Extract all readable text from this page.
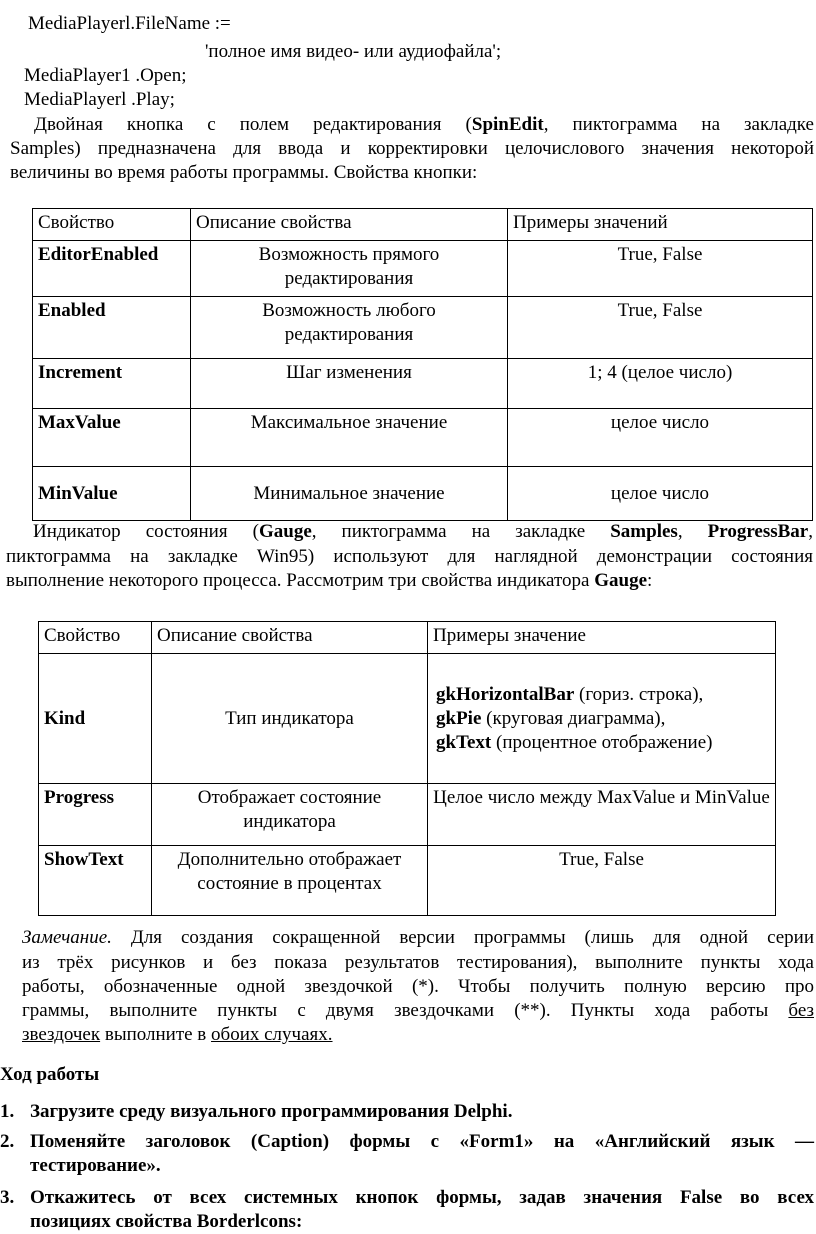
MediaPlayerl.FileName :=
'полное имя видео- или аудиофайла';
MediaPlayer1 .Open;
MediaPlayerl .Play;
Двойная кнопка с полем редактирования (SpinEdit, пиктограмма на закладке
Samples) предназначена для ввода и корректировки целочислового значения некоторой
величины во время работы программы. Свойства кнопки:
Свойство	Описание свойства	Примеры значений
EditorEnabled	Возможность прямого редактирования	True, False
Enabled	Возможность любого редактирования	True, False
Increment	Шаг изменения	1; 4 (целое число)
MaxValue	Максимальное значение	целое число
MinValue	Минимальное значение	целое число
Индикатор состояния (Gauge, пиктограмма на закладке Samples, ProgressBar,
пиктограмма на закладке Win95) используют для наглядной демонстрации состояния
выполнение некоторого процесса. Рассмотрим три свойства индикатора Gauge:
Свойство	Описание свойства	Примеры значение
Kind	Тип индикатора	gkHorizontalBar (гориз. строка),
gkPie (круговая диаграмма),
gkText (процентное отображение)

Progress	Отображает состояние индикатора	Целое число между MaxValue и MinValue
ShowText	Дополнительно отображает состояние в процентах	True, False
Замечание. Для создания сокращенной версии программы (лишь для одной серии
из трёх рисунков и без показа результатов тестирования), выполните пункты хода
работы, обозначенные одной звездочкой (*). Чтобы получить полную версию про
граммы, выполните пункты с двумя звездочками (**). Пункты хода работы без
звездочек выполните в обоих случаях.
Ход работы
1. Загрузите среду визуального программирования Delphi.
2. Поменяйте заголовок (Caption) формы с «Form1» на «Английский язык —
тестирование».
3. Откажитесь от всех системных кнопок формы, задав значения False во всех
позициях свойства Borderlcons:
